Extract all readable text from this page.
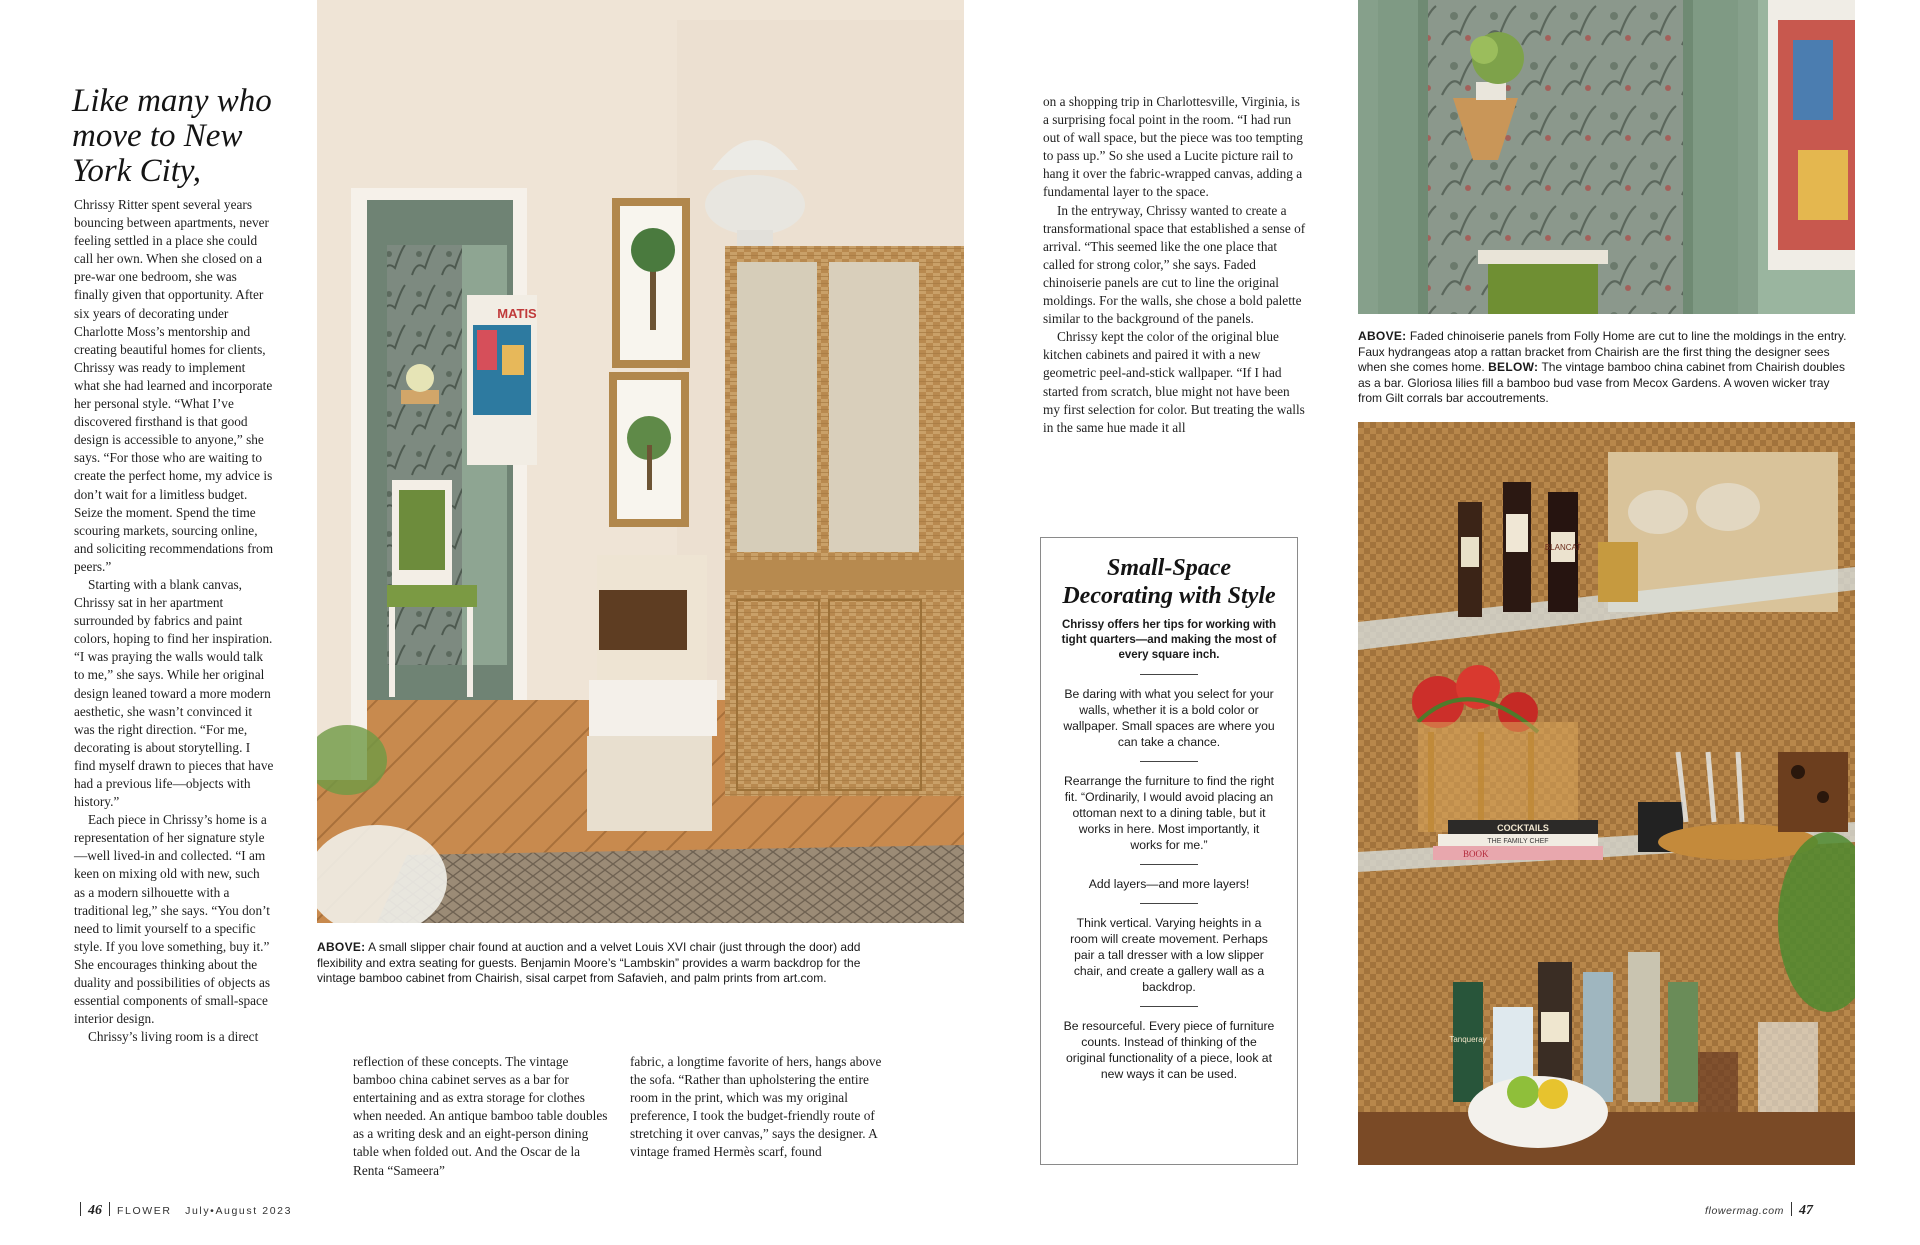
Like many who move to New York City,

Chrissy Ritter spent several years bouncing between apartments, never feeling settled in a place she could call her own. When she closed on a pre-war one bedroom, she was finally given that opportunity. After six years of decorating under Charlotte Moss’s mentorship and creating beautiful homes for clients, Chrissy was ready to implement what she had learned and incorporate her personal style. “What I’ve discovered firsthand is that good design is accessible to anyone,” she says. “For those who are waiting to create the perfect home, my advice is don’t wait for a limitless budget. Seize the moment. Spend the time scouring markets, sourcing online, and soliciting recommendations from peers.”

Starting with a blank canvas, Chrissy sat in her apartment surrounded by fabrics and paint colors, hoping to find her inspiration. “I was praying the walls would talk to me,” she says. While her original design leaned toward a more modern aesthetic, she wasn’t convinced it was the right direction. “For me, decorating is about storytelling. I find myself drawn to pieces that have had a previous life—objects with history.”

Each piece in Chrissy’s home is a representation of her signature style—well lived-in and collected. “I am keen on mixing old with new, such as a modern silhouette with a traditional leg,” she says. “You don’t need to limit yourself to a specific style. If you love something, buy it.” She encourages thinking about the duality and possibilities of objects as essential components of small-space interior design.

Chrissy’s living room is a direct

MATIS
ABOVE: A small slipper chair found at auction and a velvet Louis XVI chair (just through the door) add flexibility and extra seating for guests. Benjamin Moore’s “Lambskin” provides a warm backdrop for the vintage bamboo cabinet from Chairish, sisal carpet from Safavieh, and palm prints from art.com.

reflection of these concepts. The vintage bamboo china cabinet serves as a bar for entertaining and as extra storage for clothes when needed. An antique bamboo table doubles as a writing desk and an eight-person dining table when folded out. And the Oscar de la Renta “Sameera”

fabric, a longtime favorite of hers, hangs above the sofa. “Rather than upholstering the entire room in the print, which was my original preference, I took the budget-friendly route of stretching it over canvas,” says the designer. A vintage framed Hermès scarf, found

46 FLOWER July•August 2023

on a shopping trip in Charlottesville, Virginia, is a surprising focal point in the room. “I had run out of wall space, but the piece was too tempting to pass up.” So she used a Lucite picture rail to hang it over the fabric-wrapped canvas, adding a fundamental layer to the space.

In the entryway, Chrissy wanted to create a transformational space that established a sense of arrival. “This seemed like the one place that called for strong color,” she says. Faded chinoiserie panels are cut to line the original moldings. For the walls, she chose a bold palette similar to the background of the panels.

Chrissy kept the color of the original blue kitchen cabinets and paired it with a new geometric peel-and-stick wallpaper. “If I had started from scratch, blue might not have been my first selection for color. But treating the walls in the same hue made it all

Small-Space Decorating with Style
Chrissy offers her tips for working with tight quarters—and making the most of every square inch.
Be daring with what you select for your walls, whether it is a bold color or wallpaper. Small spaces are where you can take a chance.
Rearrange the furniture to find the right fit. “Ordinarily, I would avoid placing an ottoman next to a dining table, but it works in here. Most importantly, it works for me.”
Add layers—and more layers!
Think vertical. Varying heights in a room will create movement. Perhaps pair a tall dresser with a low slipper chair, and create a gallery wall as a backdrop.
Be resourceful. Every piece of furniture counts. Instead of thinking of the original functionality of a piece, look at new ways it can be used.
ABOVE: Faded chinoiserie panels from Folly Home are cut to line the moldings in the entry. Faux hydrangeas atop a rattan bracket from Chairish are the first thing the designer sees when she comes home. BELOW: The vintage bamboo china cabinet from Chairish doubles as a bar. Gloriosa lilies fill a bamboo bud vase from Mecox Gardens. A woven wicker tray from Gilt corrals bar accoutrements.
BLANCAT
COCKTAILS
THE FAMILY CHEF
BOOK
Tanqueray
flowermag.com 47
